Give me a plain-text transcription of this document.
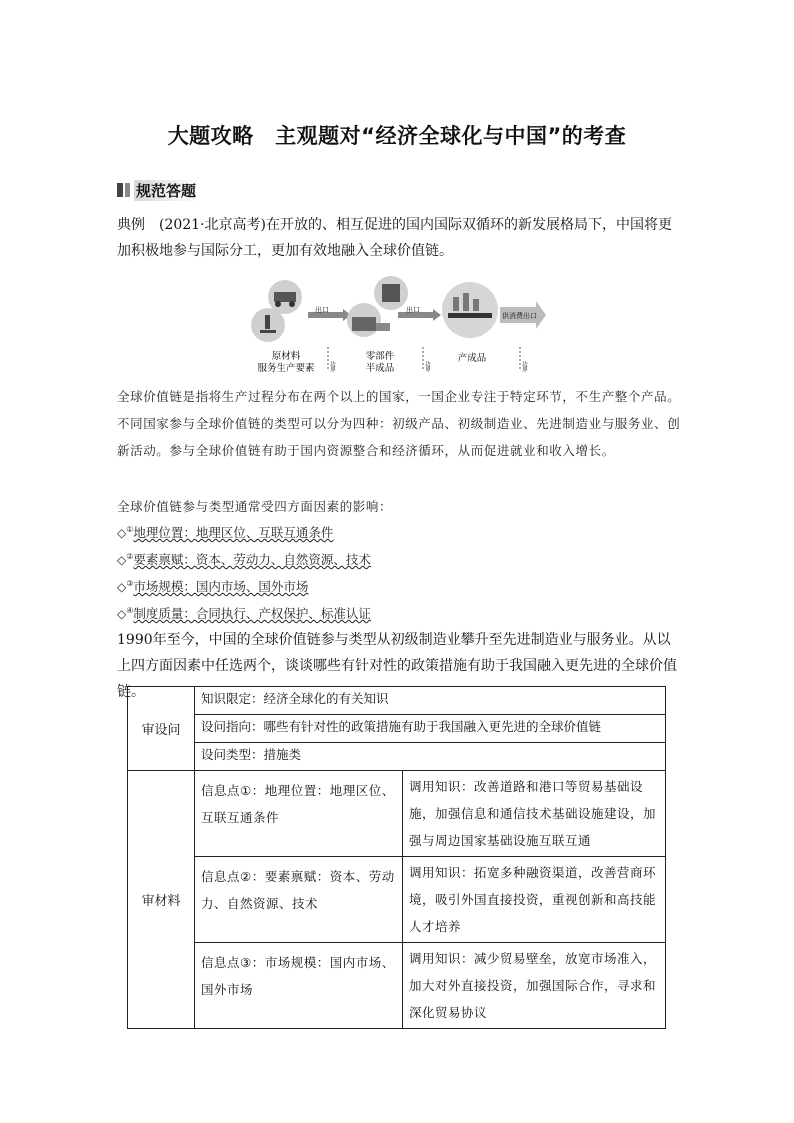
大题攻略　主观题对“经济全球化与中国”的考查
规范答题
典例　(2021·北京高考)在开放的、相互促进的国内国际双循环的新发展格局下，中国将更加积极地参与国际分工，更加有效地融入全球价值链。
出口	出口
供消费出口
原材料
服务生产要素
零部件
半成品
产成品
边界	边界	边界
全球价值链是指将生产过程分布在两个以上的国家，一国企业专注于特定环节，不生产整个产品。不同国家参与全球价值链的类型可以分为四种：初级产品、初级制造业、先进制造业与服务业、创新活动。参与全球价值链有助于国内资源整合和经济循环，从而促进就业和收入增长。
全球价值链参与类型通常受四方面因素的影响：
◇①地理位置：地理区位、互联互通条件
◇②要素禀赋：资本、劳动力、自然资源、技术
◇③市场规模：国内市场、国外市场
◇④制度质量：合同执行、产权保护、标准认证
1990年至今，中国的全球价值链参与类型从初级制造业攀升至先进制造业与服务业。从以上四方面因素中任选两个，谈谈哪些有针对性的政策措施有助于我国融入更先进的全球价值链。
审设问	知识限定：经济全球化的有关知识	
	设问指向：哪些有针对性的政策措施有助于我国融入更先进的全球价值链	
	设问类型：措施类	
审材料	信息点①：地理位置：地理区位、互联互通条件	调用知识：改善道路和港口等贸易基础设施，加强信息和通信技术基础设施建设，加强与周边国家基础设施互联互通
	信息点②：要素禀赋：资本、劳动力、自然资源、技术	调用知识：拓宽多种融资渠道，改善营商环境，吸引外国直接投资，重视创新和高技能人才培养
	信息点③：市场规模：国内市场、国外市场	调用知识：减少贸易壁垒，放宽市场准入，加大对外直接投资，加强国际合作，寻求和深化贸易协议
